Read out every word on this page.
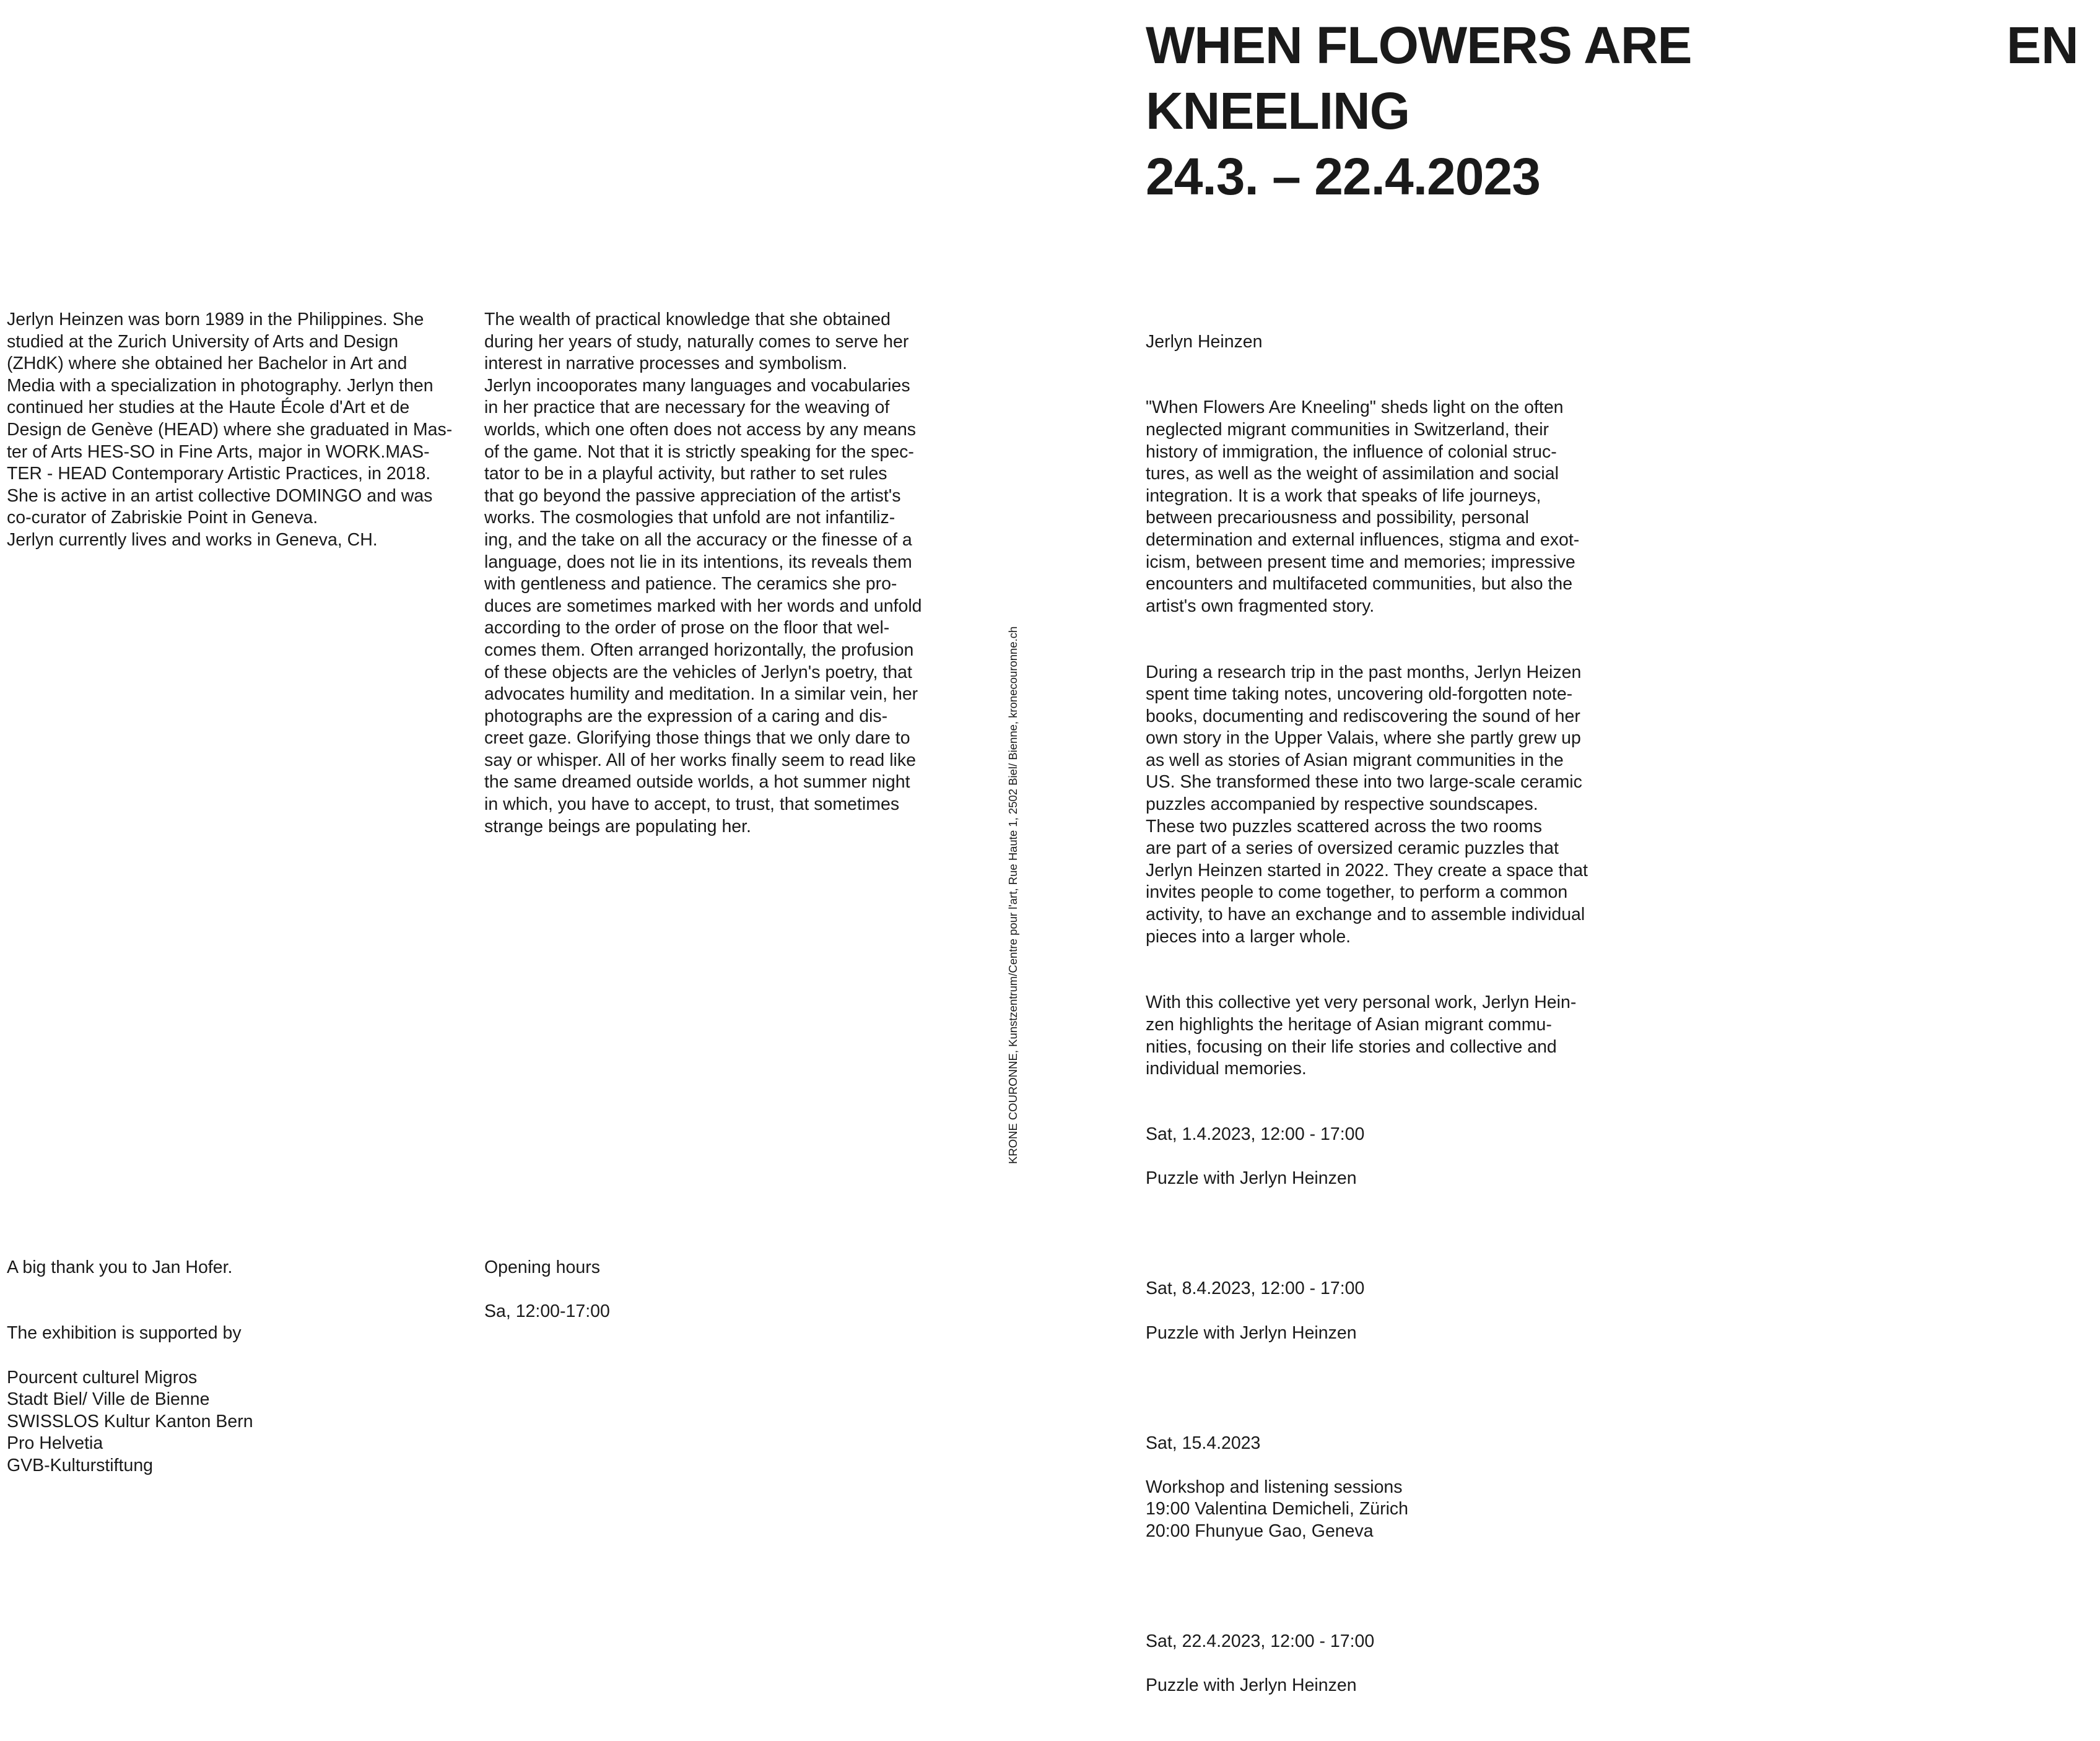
WHEN FLOWERS ARE
KNEELING
24.3. – 22.4.2023
EN
Jerlyn Heinzen was born 1989 in the Philippines. She
studied at the Zurich University of Arts and Design
(ZHdK) where she obtained her Bachelor in Art and
Media with a specialization in photography. Jerlyn then
continued her studies at the Haute École d'Art et de
Design de Genève (HEAD) where she graduated in Mas-
ter of Arts HES-SO in Fine Arts, major in WORK.MAS-
TER - HEAD Contemporary Artistic Practices, in 2018.
She is active in an artist collective DOMINGO and was
co-curator of Zabriskie Point in Geneva.
Jerlyn currently lives and works in Geneva, CH.
The wealth of practical knowledge that she obtained
during her years of study, naturally comes to serve her
interest in narrative processes and symbolism.
Jerlyn incooporates many languages and vocabularies
in her practice that are necessary for the weaving of
worlds, which one often does not access by any means
of the game. Not that it is strictly speaking for the spec-
tator to be in a playful activity, but rather to set rules
that go beyond the passive appreciation of the artist's
works. The cosmologies that unfold are not infantiliz-
ing, and the take on all the accuracy or the finesse of a
language, does not lie in its intentions, its reveals them
with gentleness and patience. The ceramics she pro-
duces are sometimes marked with her words and unfold
according to the order of prose on the floor that wel-
comes them. Often arranged horizontally, the profusion
of these objects are the vehicles of Jerlyn's poetry, that
advocates humility and meditation. In a similar vein, her
photographs are the expression of a caring and dis-
creet gaze. Glorifying those things that we only dare to
say or whisper. All of her works finally seem to read like
the same dreamed outside worlds, a hot summer night
in which, you have to accept, to trust, that sometimes
strange beings are populating her.	KRONE COURONNE, Kunstzentrum/Centre pour l'art, Rue Haute 1, 2502 Biel/ Bienne, kronecouronne.ch

Jerlyn Heinzen

"When Flowers Are Kneeling" sheds light on the often
neglected migrant communities in Switzerland, their
history of immigration, the influence of colonial struc-
tures, as well as the weight of assimilation and social
integration. It is a work that speaks of life journeys,
between precariousness and possibility, personal
determination and external influences, stigma and exot-
icism, between present time and memories; impressive
encounters and multifaceted communities, but also the
artist's own fragmented story.

During a research trip in the past months, Jerlyn Heizen
spent time taking notes, uncovering old-forgotten note-
books, documenting and rediscovering the sound of her
own story in the Upper Valais, where she partly grew up
as well as stories of Asian migrant communities in the
US. She transformed these into two large-scale ceramic
puzzles accompanied by respective soundscapes.
These two puzzles scattered across the two rooms
are part of a series of oversized ceramic puzzles that
Jerlyn Heinzen started in 2022. They create a space that
invites people to come together, to perform a common
activity, to have an exchange and to assemble individual
pieces into a larger whole.

With this collective yet very personal work, Jerlyn Hein-
zen highlights the heritage of Asian migrant commu-
nities, focusing on their life stories and collective and
individual memories.

Sat, 1.4.2023, 12:00 - 17:00

Puzzle with Jerlyn Heinzen

Sat, 8.4.2023, 12:00 - 17:00

Puzzle with Jerlyn Heinzen

Sat, 15.4.2023

Workshop and listening sessions
19:00 Valentina Demicheli, Zürich
20:00 Fhunyue Gao, Geneva

Sat, 22.4.2023, 12:00 - 17:00

Puzzle with Jerlyn Heinzen

A big thank you to Jan Hofer.

The exhibition is supported by

Pourcent culturel Migros
Stadt Biel/ Ville de Bienne
SWISSLOS Kultur Kanton Bern
Pro Helvetia
GVB-Kulturstiftung

Opening hours

Sa, 12:00-17:00
